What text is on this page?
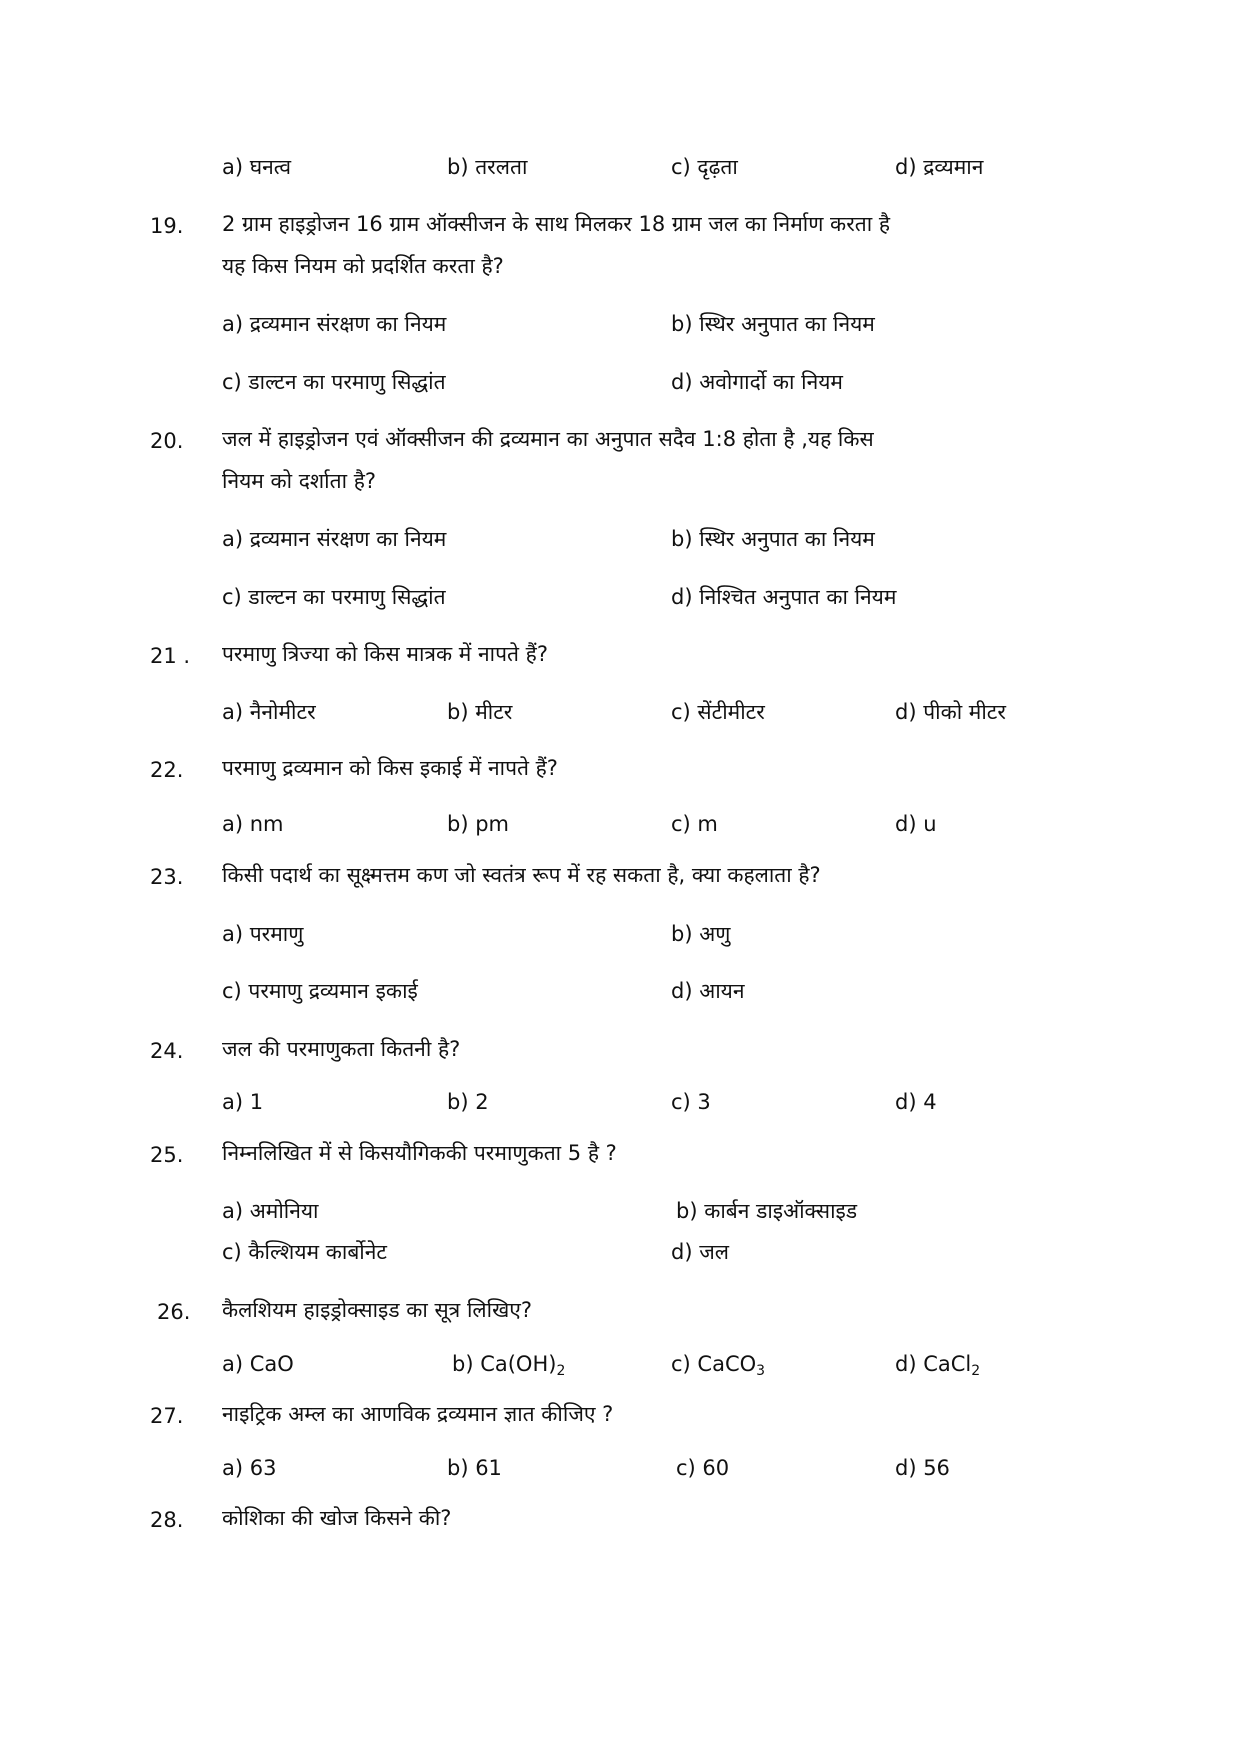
a) घनत्व	b) तरलता	c) दृढ़ता	d) द्रव्यमान
19. 2 ग्राम हाइड्रोजन 16 ग्राम ऑक्सीजन के साथ मिलकर 18 ग्राम जल का निर्माण करता है
यह किस नियम को प्रदर्शित करता है?
a) द्रव्यमान संरक्षण का नियम	b) स्थिर अनुपात का नियम
c) डाल्टन का परमाणु सिद्धांत	d) अवोगार्दो का नियम
20. जल में हाइड्रोजन एवं ऑक्सीजन की द्रव्यमान का अनुपात सदैव 1:8 होता है ,यह किस
नियम को दर्शाता है?
a) द्रव्यमान संरक्षण का नियम	b) स्थिर अनुपात का नियम
c) डाल्टन का परमाणु सिद्धांत	d) निश्चित अनुपात का नियम
21 . परमाणु त्रिज्या को किस मात्रक में नापते हैं?
a) नैनोमीटर	b) मीटर	c) सेंटीमीटर	d) पीको मीटर
22. परमाणु द्रव्यमान को किस इकाई में नापते हैं?
a) nm	b) pm	c) m	d) u
23. किसी पदार्थ का सूक्ष्मत्तम कण जो स्वतंत्र रूप में रह सकता है, क्या कहलाता है?
a) परमाणु	b) अणु
c) परमाणु द्रव्यमान इकाई	d) आयन
24. जल की परमाणुकता कितनी है?
a) 1	b) 2	c) 3	d) 4
25. निम्नलिखित में से किसयौगिककी परमाणुकता 5 है ?
a) अमोनिया	b) कार्बन डाइऑक्साइड
c) कैल्शियम कार्बोनेट	d) जल
26. कैलशियम हाइड्रोक्साइड का सूत्र लिखिए?
a) CaO	b) $Ca(OH)_2$	c) CaCO$_3$	d) CaCl$_2$
27. नाइट्रिक अम्ल का आणविक द्रव्यमान ज्ञात कीजिए ?
a) 63	b) 61	c) 60	d) 56
28. कोशिका की खोज किसने की?
